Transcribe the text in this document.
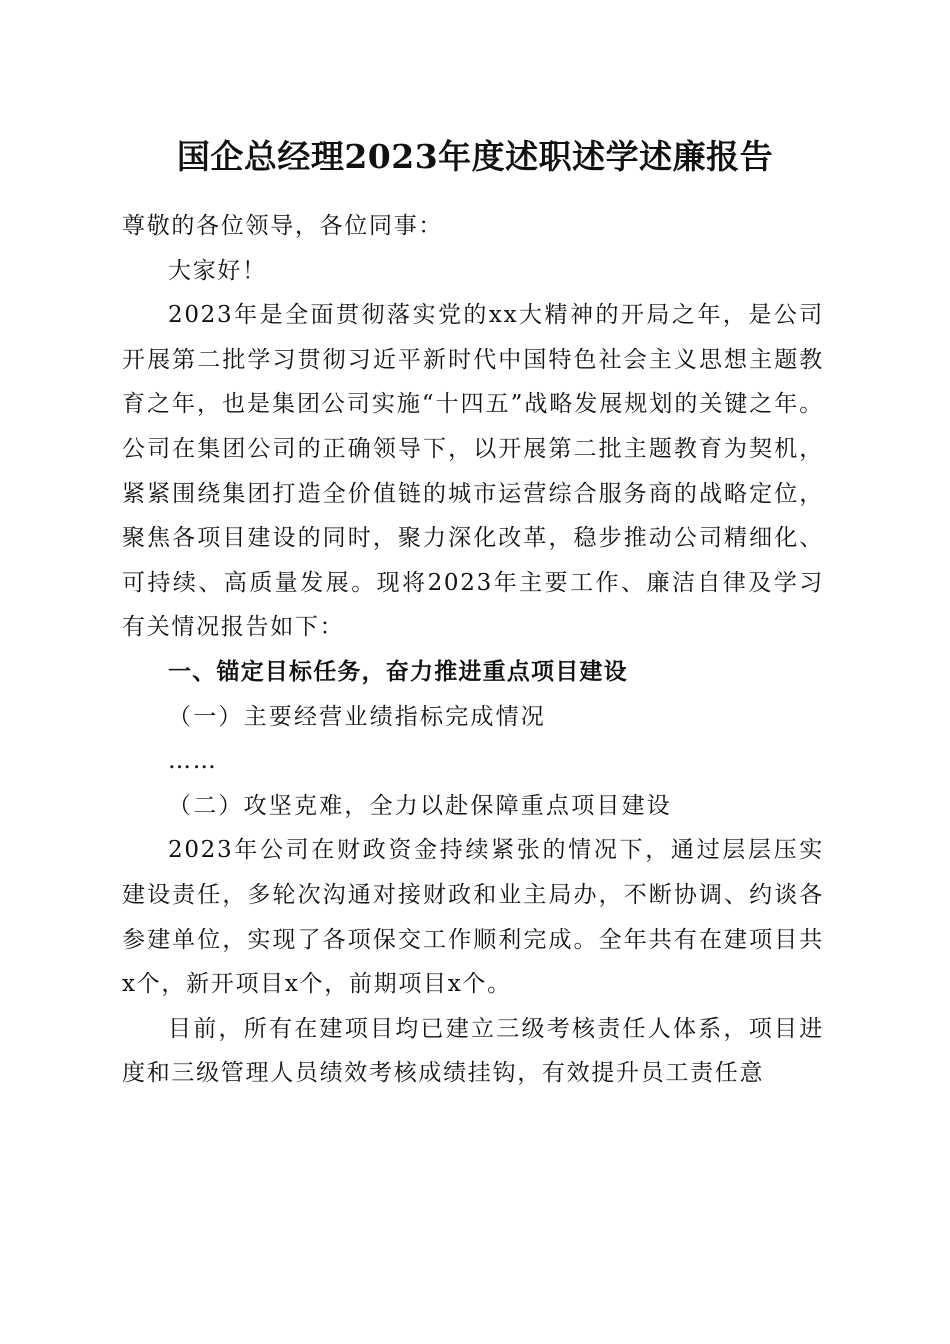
国企总经理2023年度述职述学述廉报告

尊敬的各位领导，各位同事：

大家好！

2023年是全面贯彻落实党的xx大精神的开局之年，是公司开展第二批学习贯彻习近平新时代中国特色社会主义思想主题教育之年，也是集团公司实施“十四五”战略发展规划的关键之年。公司在集团公司的正确领导下，以开展第二批主题教育为契机，紧紧围绕集团打造全价值链的城市运营综合服务商的战略定位，聚焦各项目建设的同时，聚力深化改革，稳步推动公司精细化、可持续、高质量发展。现将2023年主要工作、廉洁自律及学习有关情况报告如下：

一、锚定目标任务，奋力推进重点项目建设

（一）主要经营业绩指标完成情况

……

（二）攻坚克难，全力以赴保障重点项目建设

2023年公司在财政资金持续紧张的情况下，通过层层压实建设责任，多轮次沟通对接财政和业主局办，不断协调、约谈各参建单位，实现了各项保交工作顺利完成。全年共有在建项目共x个，新开项目x个，前期项目x个。

目前，所有在建项目均已建立三级考核责任人体系，项目进度和三级管理人员绩效考核成绩挂钩，有效提升员工责任意
